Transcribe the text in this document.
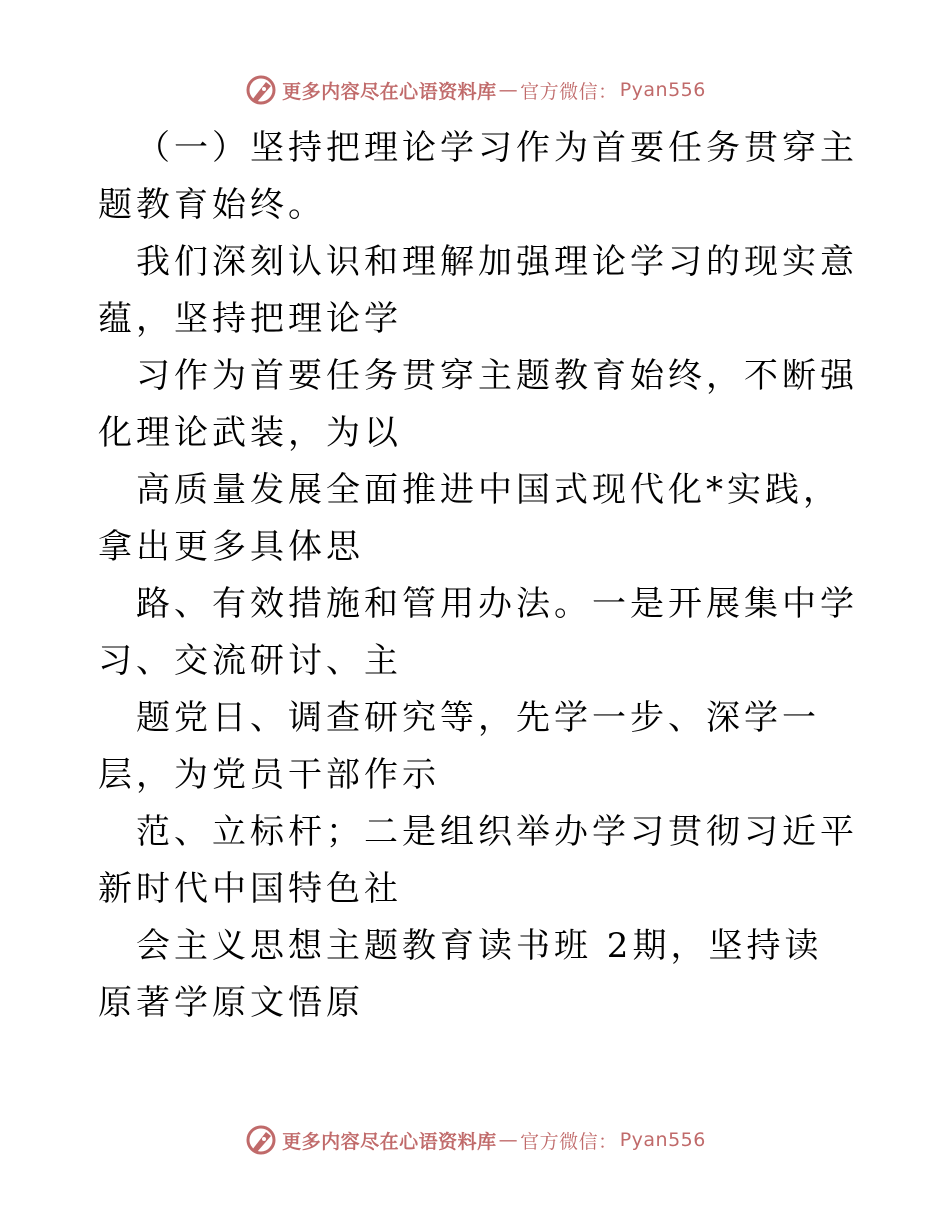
更多内容尽在心语资料库 — 官方微信： Pyan556

（一）坚持把理论学习作为首要任务贯穿主题教育始终。

我们深刻认识和理解加强理论学习的现实意蕴，坚持把理论学

习作为首要任务贯穿主题教育始终，不断强化理论武装，为以

高质量发展全面推进中国式现代化*实践，拿出更多具体思

路、有效措施和管用办法。一是开展集中学习、交流研讨、主

题党日、调查研究等，先学一步、深学一层，为党员干部作示

范、立标杆；二是组织举办学习贯彻习近平新时代中国特色社

会主义思想主题教育读书班 2期，坚持读原著学原文悟原

更多内容尽在心语资料库 — 官方微信： Pyan556
